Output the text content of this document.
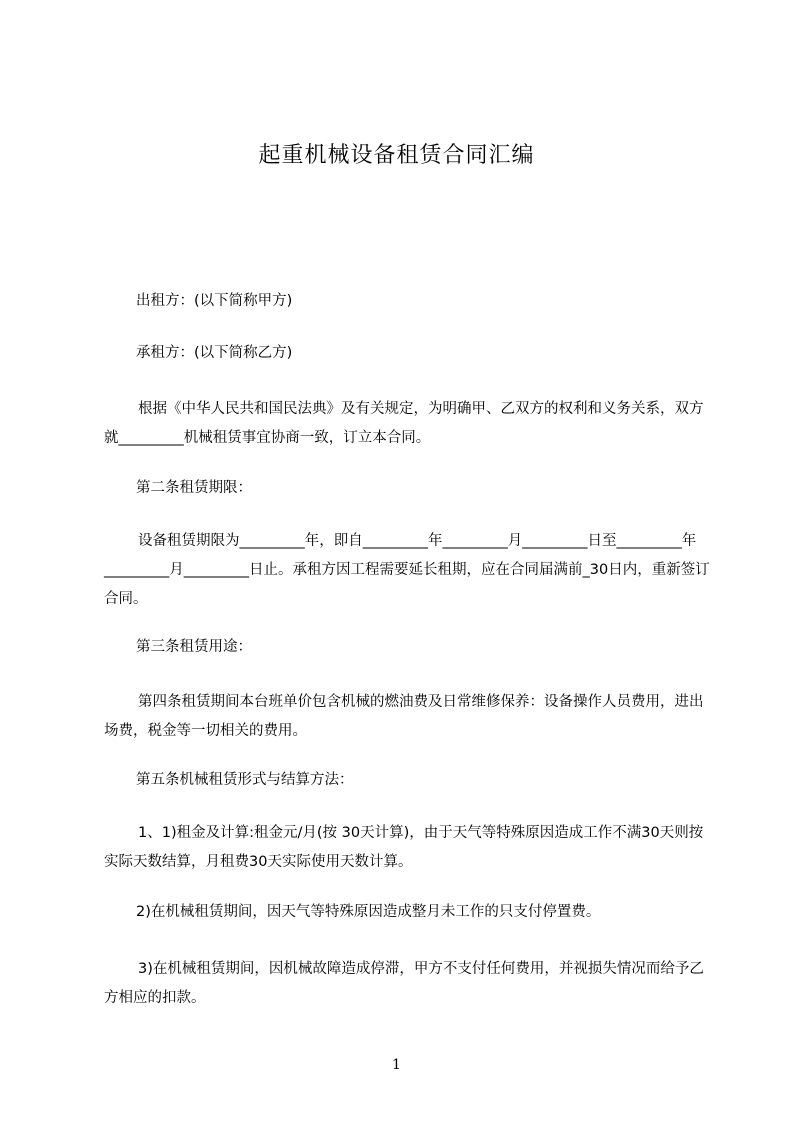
起重机械设备租赁合同汇编

出租方：(以下简称甲方)

承租方：(以下简称乙方)

根据《中华人民共和国民法典》及有关规定，为明确甲、乙双方的权利和义务关系，双方就_________机械租赁事宜协商一致，订立本合同。

第二条租赁期限：

设备租赁期限为_________年，即自_________年_________月_________日至_________年_________月_________日止。承租方因工程需要延长租期，应在合同届满前_30日内，重新签订合同。

第三条租赁用途：

第四条租赁期间本台班单价包含机械的燃油费及日常维修保养：设备操作人员费用，进出场费，税金等一切相关的费用。

第五条机械租赁形式与结算方法：

1、1)租金及计算:租金元/月(按 30天计算)，由于天气等特殊原因造成工作不满30天则按实际天数结算，月租费30天实际使用天数计算。

2)在机械租赁期间，因天气等特殊原因造成整月未工作的只支付停置费。

3)在机械租赁期间，因机械故障造成停滞，甲方不支付任何费用，并视损失情况而给予乙方相应的扣款。

1
